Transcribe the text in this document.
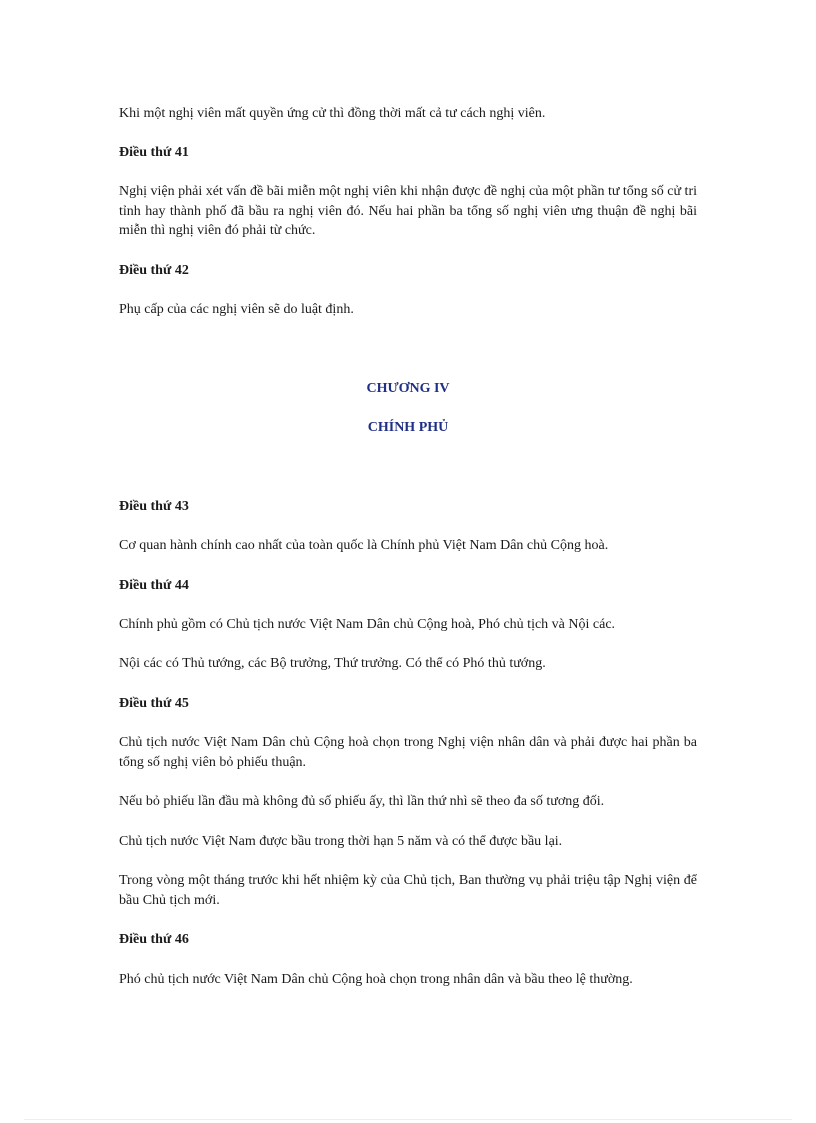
Khi một nghị viên mất quyền ứng cử thì đồng thời mất cả tư cách nghị viên.

Điều thứ 41

Nghị viện phải xét vấn đề bãi miễn một nghị viên khi nhận được đề nghị của một phần tư tổng số cử tri tỉnh hay thành phố đã bầu ra nghị viên đó. Nếu hai phần ba tổng số nghị viên ưng thuận đề nghị bãi miễn thì nghị viên đó phải từ chức.

Điều thứ 42

Phụ cấp của các nghị viên sẽ do luật định.

CHƯƠNG IV

CHÍNH PHỦ

Điều thứ 43

Cơ quan hành chính cao nhất của toàn quốc là Chính phủ Việt Nam Dân chủ Cộng hoà.

Điều thứ 44

Chính phủ gồm có Chủ tịch nước Việt Nam Dân chủ Cộng hoà, Phó chủ tịch và Nội các.

Nội các có Thủ tướng, các Bộ trưởng, Thứ trưởng. Có thể có Phó thủ tướng.

Điều thứ 45

Chủ tịch nước Việt Nam Dân chủ Cộng hoà chọn trong Nghị viện nhân dân và phải được hai phần ba tổng số nghị viên bỏ phiếu thuận.

Nếu bỏ phiếu lần đầu mà không đủ số phiếu ấy, thì lần thứ nhì sẽ theo đa số tương đối.

Chủ tịch nước Việt Nam được bầu trong thời hạn 5 năm và có thể được bầu lại.

Trong vòng một tháng trước khi hết nhiệm kỳ của Chủ tịch, Ban thường vụ phải triệu tập Nghị viện để bầu Chủ tịch mới.

Điều thứ 46

Phó chủ tịch nước Việt Nam Dân chủ Cộng hoà chọn trong nhân dân và bầu theo lệ thường.
